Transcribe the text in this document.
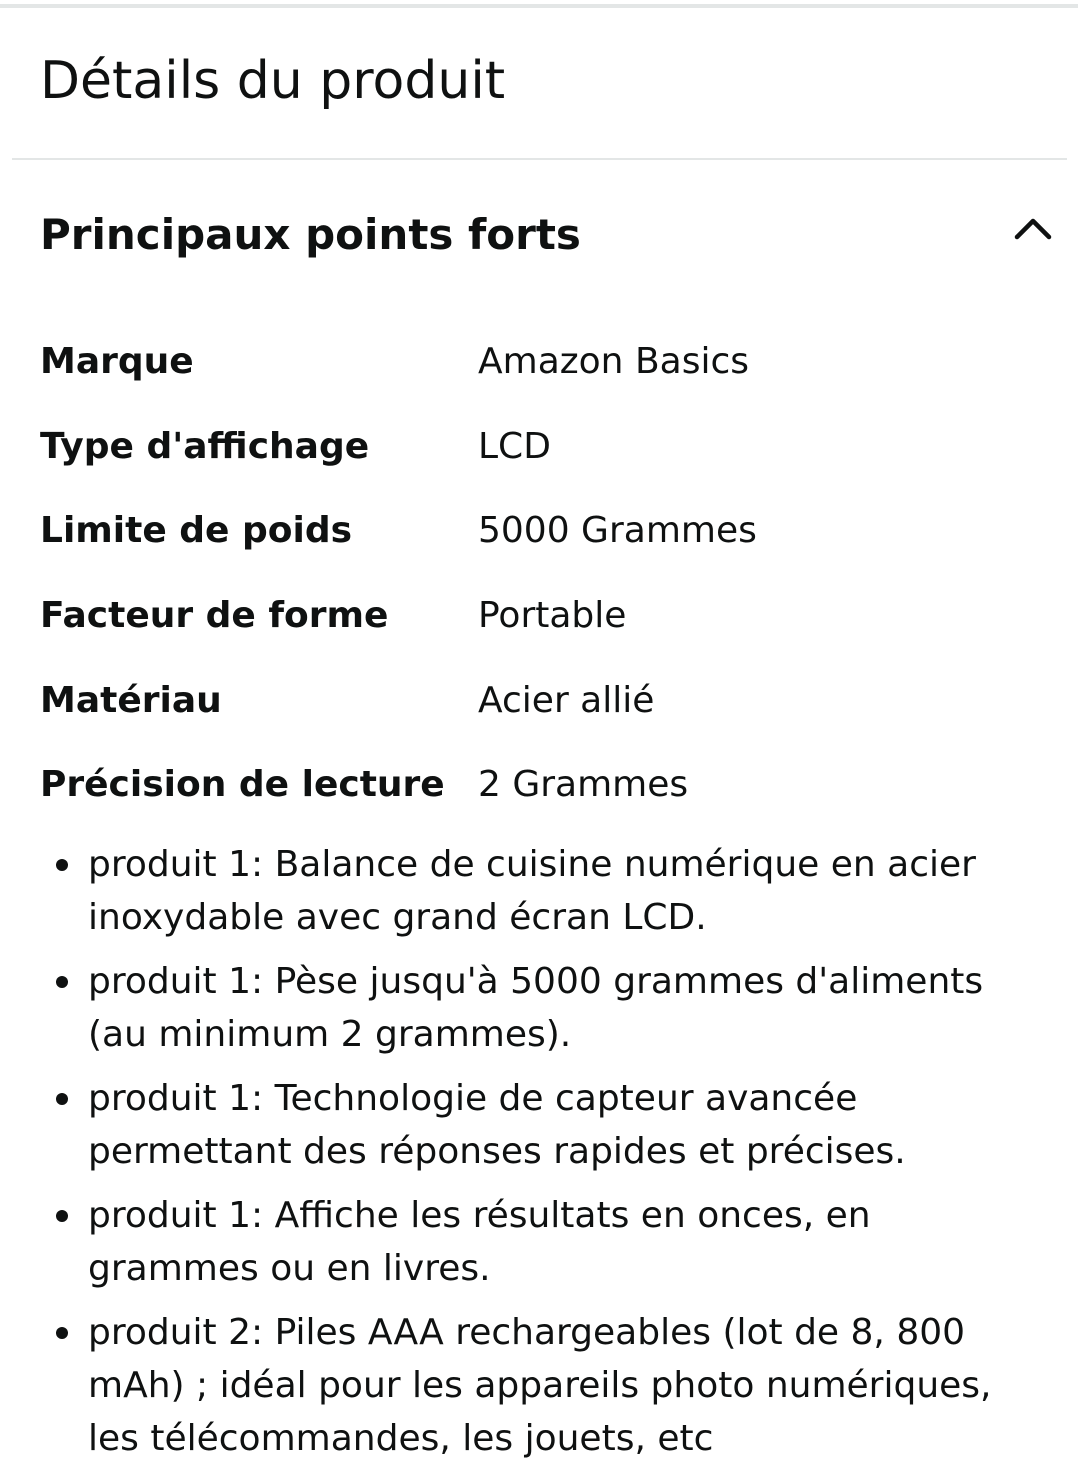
Détails du produit
Principaux points forts
Marque	Amazon Basics
Type d'affichage	LCD
Limite de poids	5000 Grammes
Facteur de forme	Portable
Matériau	Acier allié
Précision de lecture	2 Grammes
produit 1: Balance de cuisine numérique en acier inoxydable avec grand écran LCD.
produit 1: Pèse jusqu'à 5000 grammes d'aliments (au minimum 2 grammes).
produit 1: Technologie de capteur avancée permettant des réponses rapides et précises.
produit 1: Affiche les résultats en onces, en grammes ou en livres.
produit 2: Piles AAA rechargeables (lot de 8, 800 mAh) ; idéal pour les appareils photo numériques, les télécommandes, les jouets, etc
